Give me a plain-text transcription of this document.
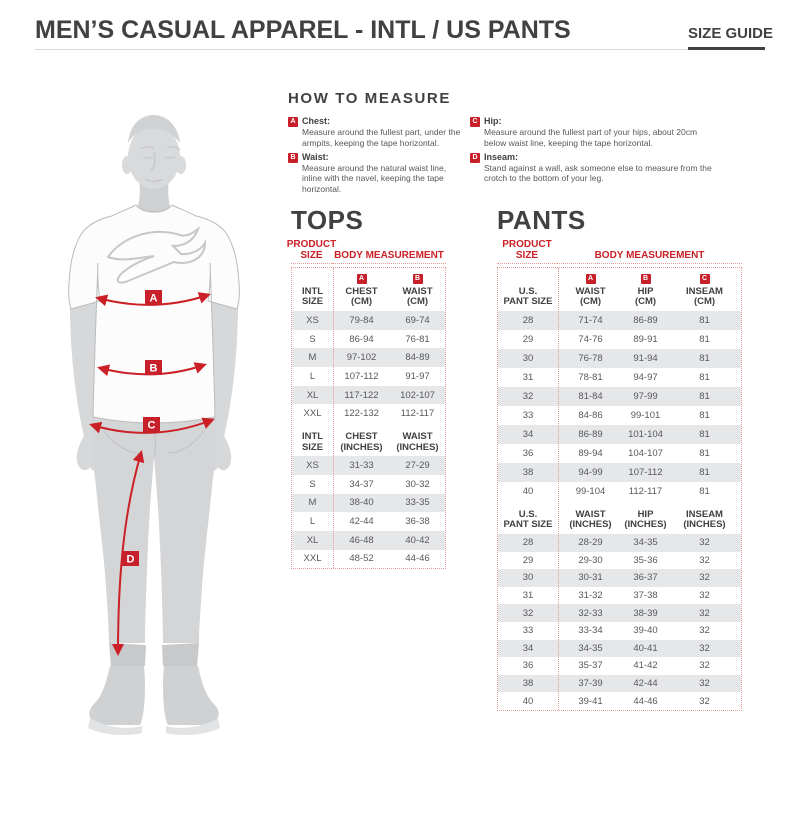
MEN’S CASUAL APPAREL - INTL / US PANTS	SIZE GUIDE
A
B
C
D
HOW TO MEASURE
A Chest:
Measure around the fullest part, under the armpits, keeping the tape horizontal.
B Waist:
Measure around the natural waist line, inline with the navel, keeping the tape horizontal.
C Hip:
Measure around the fullest part of your hips, about 20cm below waist line, keeping the tape horizontal.
D Inseam:
Stand against a wall, ask someone else to measure from the crotch to the bottom of your leg.
TOPS
PRODUCT SIZE	BODY MEASUREMENT
INTL
SIZE
A
CHEST
(CM)
B
WAIST
(CM)
XS	79-84	69-74
S	86-94	76-81
M	97-102	84-89
L	107-112	91-97
XL	117-122	102-107
XXL	122-132	112-117
INTL
SIZE
CHEST
(INCHES)
WAIST
(INCHES)
XS	31-33	27-29
S	34-37	30-32
M	38-40	33-35
L	42-44	36-38
XL	46-48	40-42
XXL	48-52	44-46
PANTS
PRODUCT SIZE	BODY MEASUREMENT
U.S.
PANT SIZE
A
WAIST
(CM)
B
HIP
(CM)
C
INSEAM
(CM)
28	71-74	86-89	81
29	74-76	89-91	81
30	76-78	91-94	81
31	78-81	94-97	81
32	81-84	97-99	81
33	84-86	99-101	81
34	86-89	101-104	81
36	89-94	104-107	81
38	94-99	107-112	81
40	99-104	112-117	81
U.S.
PANT SIZE
WAIST
(INCHES)
HIP
(INCHES)
INSEAM
(INCHES)
28	28-29	34-35	32
29	29-30	35-36	32
30	30-31	36-37	32
31	31-32	37-38	32
32	32-33	38-39	32
33	33-34	39-40	32
34	34-35	40-41	32
36	35-37	41-42	32
38	37-39	42-44	32
40	39-41	44-46	32
